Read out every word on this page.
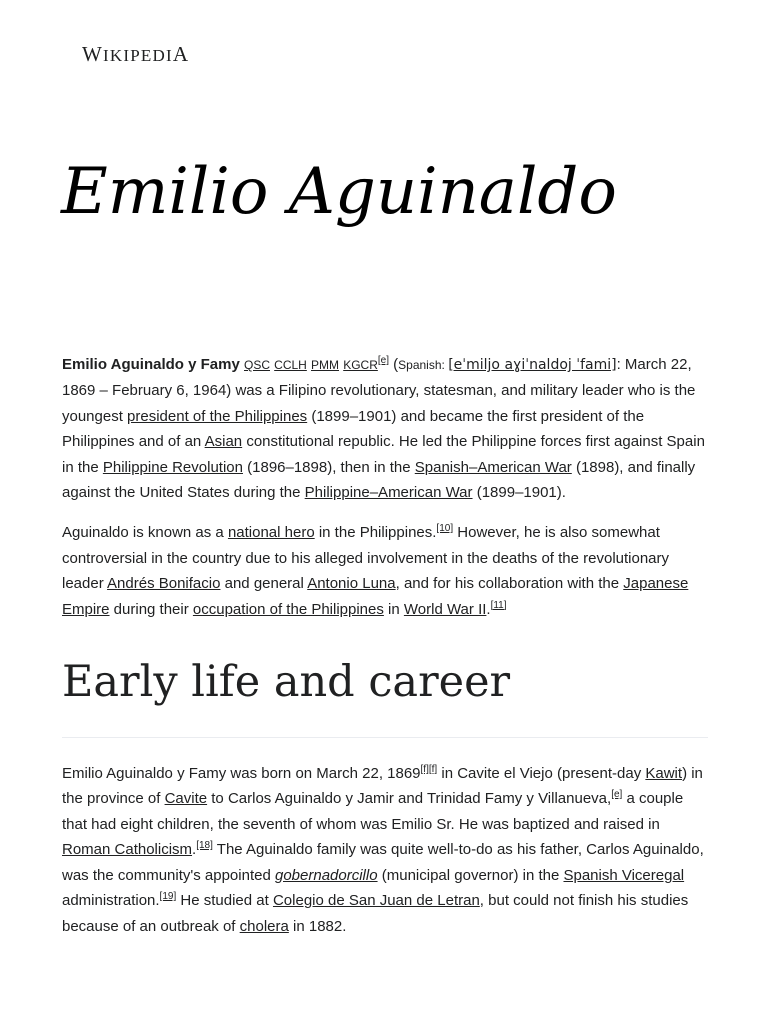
WIKIPEDIA
Emilio Aguinaldo

Emilio Aguinaldo y Famy QSC CCLH PMM KGCR[e] (Spanish: [eˈmiljo aɣiˈnaldoj ˈfami]: March 22, 1869 – February 6, 1964) was a Filipino revolutionary, statesman, and military leader who is the youngest president of the Philippines (1899–1901) and became the first president of the Philippines and of an Asian constitutional republic. He led the Philippine forces first against Spain in the Philippine Revolution (1896–1898), then in the Spanish–American War (1898), and finally against the United States during the Philippine–American War (1899–1901).

Aguinaldo is known as a national hero in the Philippines.[10] However, he is also somewhat controversial in the country due to his alleged involvement in the deaths of the revolutionary leader Andrés Bonifacio and general Antonio Luna, and for his collaboration with the Japanese Empire during their occupation of the Philippines in World War II.[11]

Early life and career

Emilio Aguinaldo y Famy was born on March 22, 1869[f][f] in Cavite el Viejo (present-day Kawit) in the province of Cavite to Carlos Aguinaldo y Jamir and Trinidad Famy y Villanueva,[e] a couple that had eight children, the seventh of whom was Emilio Sr. He was baptized and raised in Roman Catholicism.[18] The Aguinaldo family was quite well-to-do as his father, Carlos Aguinaldo, was the community's appointed gobernadorcillo (municipal governor) in the Spanish Viceregal administration.[19] He studied at Colegio de San Juan de Letran, but could not finish his studies because of an outbreak of cholera in 1882.
